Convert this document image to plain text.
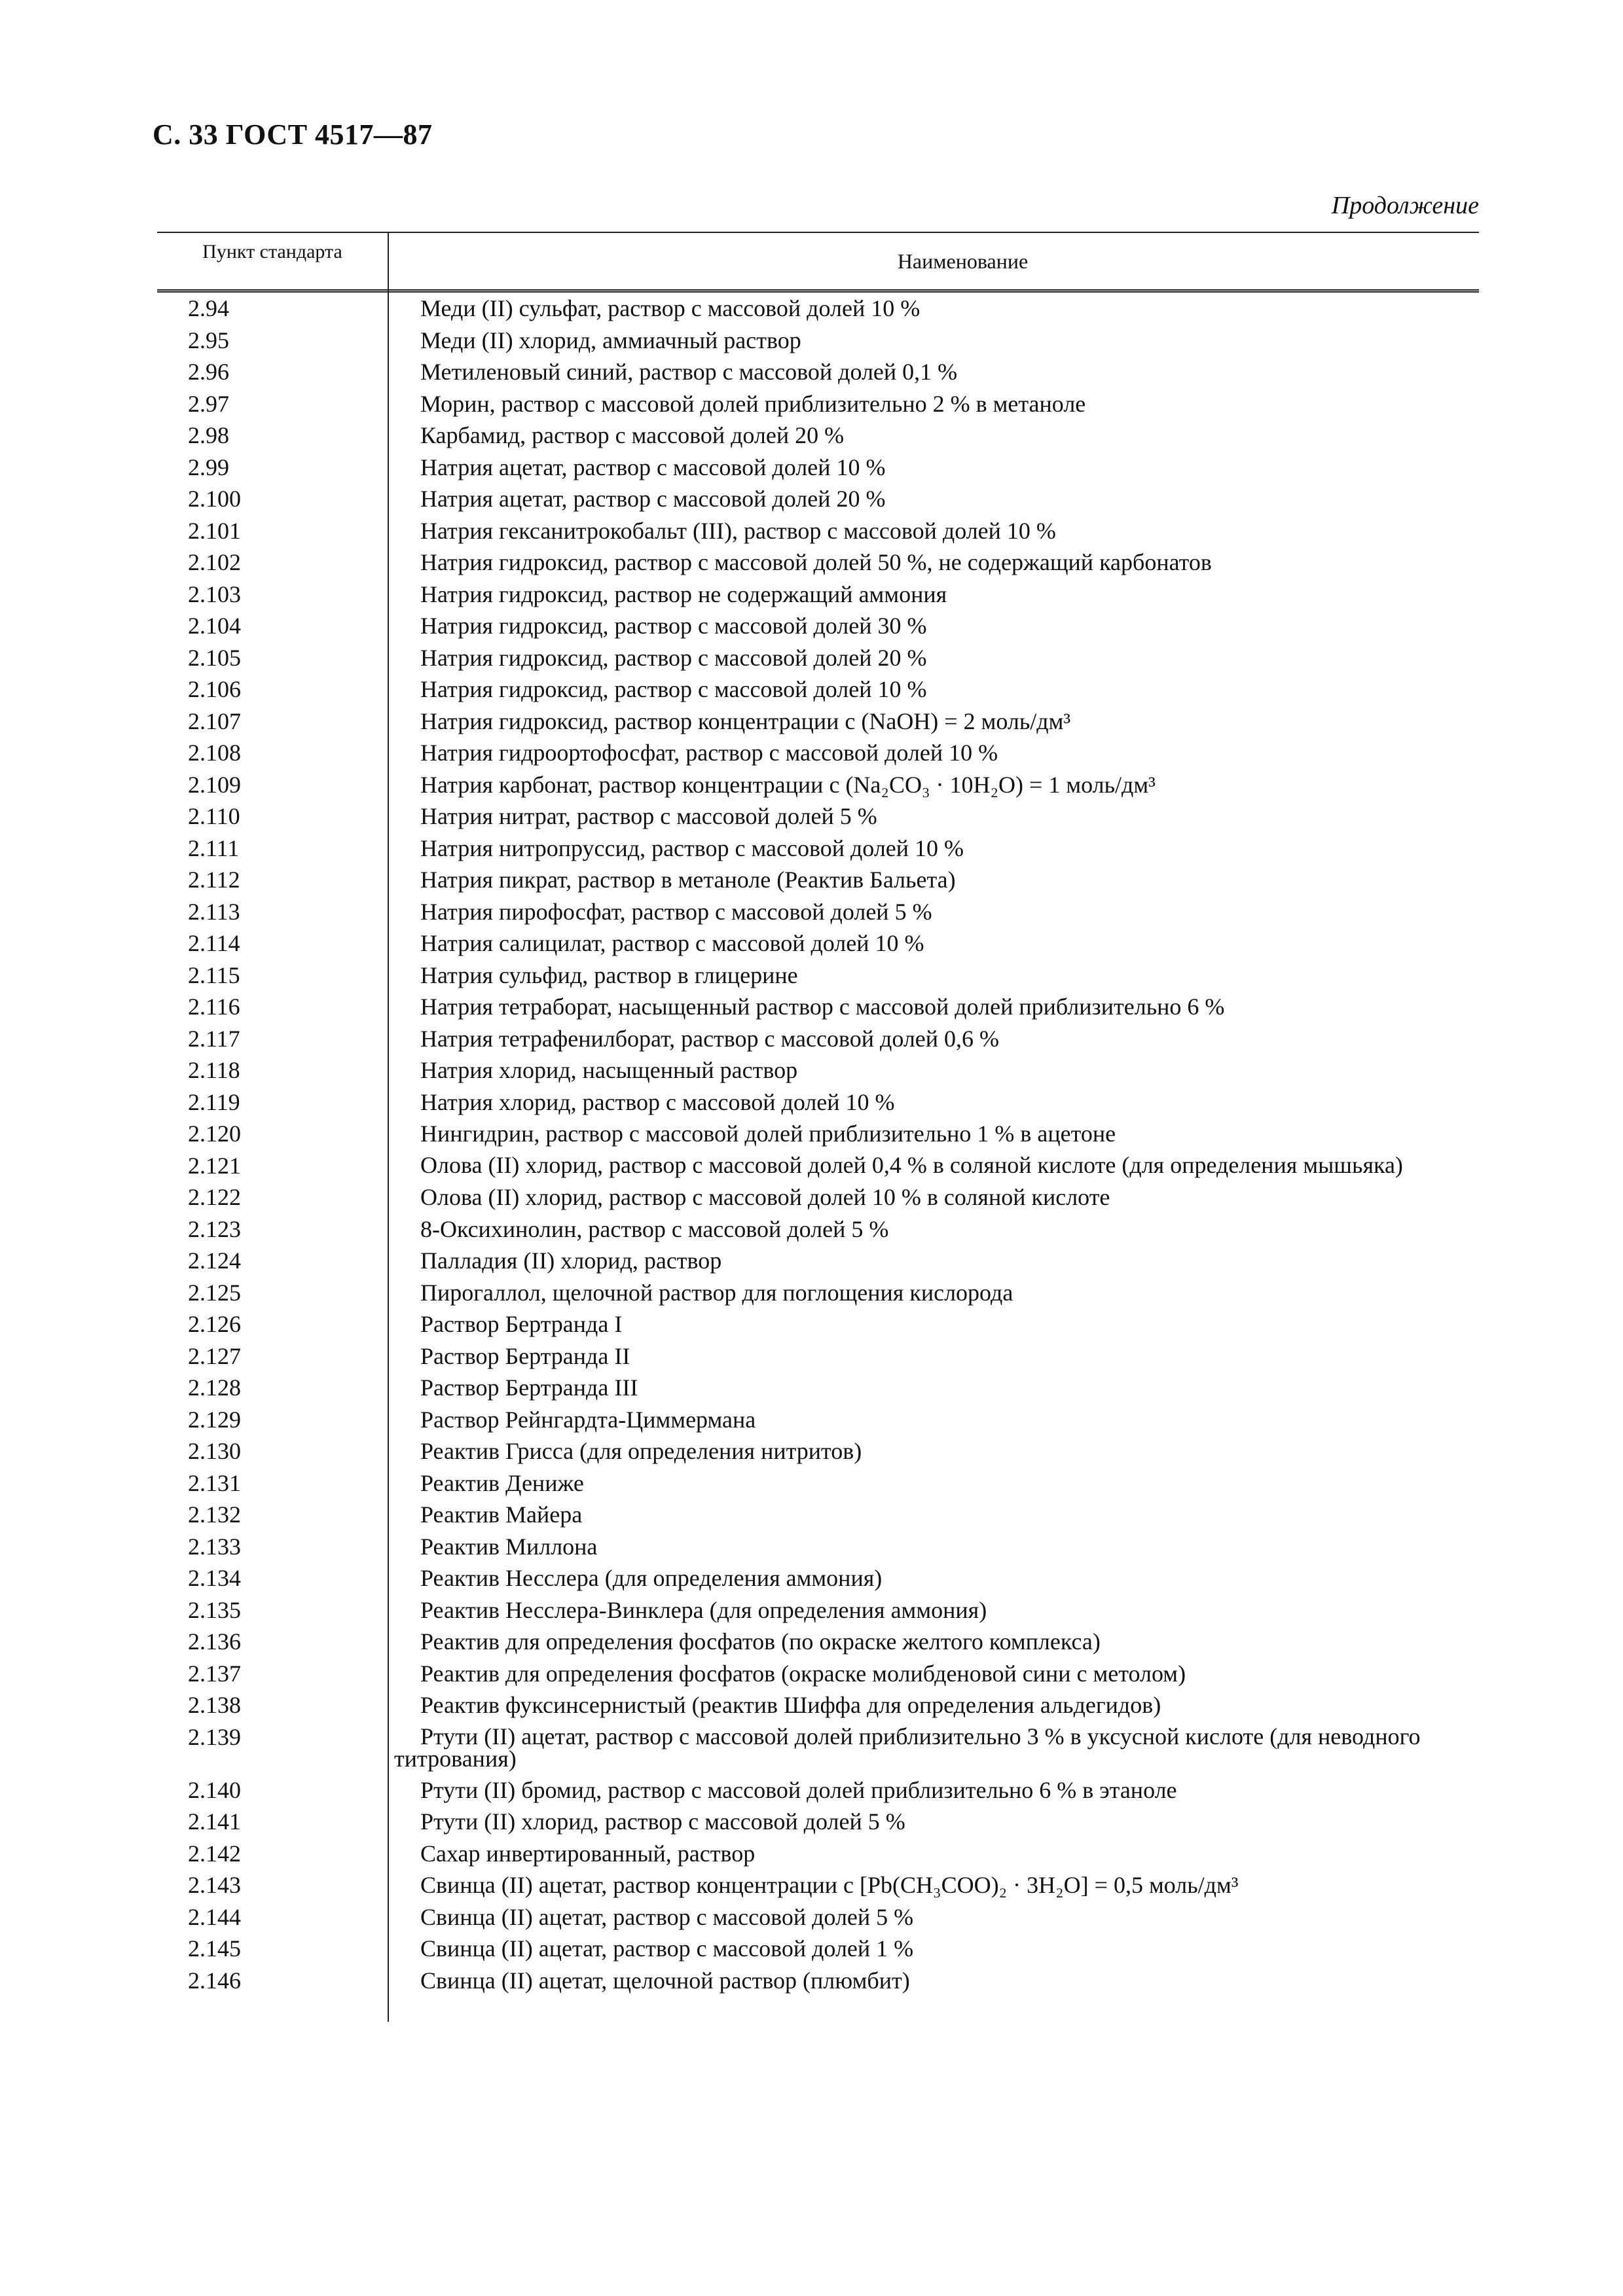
С. 33 ГОСТ 4517—87
Продолжение
Пункт стандарта	Наименование
2.94	Меди (II) сульфат, раствор с массовой долей 10 %
2.95	Меди (II) хлорид, аммиачный раствор
2.96	Метиленовый синий, раствор с массовой долей 0,1 %
2.97	Морин, раствор с массовой долей приблизительно 2 % в метаноле
2.98	Карбамид, раствор с массовой долей 20 %
2.99	Натрия ацетат, раствор с массовой долей 10 %
2.100	Натрия ацетат, раствор с массовой долей 20 %
2.101	Натрия гексанитрокобальт (III), раствор с массовой долей 10 %
2.102	Натрия гидроксид, раствор с массовой долей 50 %, не содержащий карбонатов
2.103	Натрия гидроксид, раствор не содержащий аммония
2.104	Натрия гидроксид, раствор с массовой долей 30 %
2.105	Натрия гидроксид, раствор с массовой долей 20 %
2.106	Натрия гидроксид, раствор с массовой долей 10 %
2.107	Натрия гидроксид, раствор концентрации c (NaOH) = 2 моль/дм³
2.108	Натрия гидроортофосфат, раствор с массовой долей 10 %
2.109	Натрия карбонат, раствор концентрации c (Na₂CO₃ · 10H₂O) = 1 моль/дм³
2.110	Натрия нитрат, раствор с массовой долей 5 %
2.111	Натрия нитропруссид, раствор с массовой долей 10 %
2.112	Натрия пикрат, раствор в метаноле (Реактив Бальета)
2.113	Натрия пирофосфат, раствор с массовой долей 5 %
2.114	Натрия салицилат, раствор с массовой долей 10 %
2.115	Натрия сульфид, раствор в глицерине
2.116	Натрия тетраборат, насыщенный раствор с массовой долей приблизительно 6 %
2.117	Натрия тетрафенилборат, раствор с массовой долей 0,6 %
2.118	Натрия хлорид, насыщенный раствор
2.119	Натрия хлорид, раствор с массовой долей 10 %
2.120	Нингидрин, раствор с массовой долей приблизительно 1 % в ацетоне
2.121	Олова (II) хлорид, раствор с массовой долей 0,4 % в соляной кислоте (для определения мышьяка)
2.122	Олова (II) хлорид, раствор с массовой долей 10 % в соляной кислоте
2.123	8-Оксихинолин, раствор с массовой долей 5 %
2.124	Палладия (II) хлорид, раствор
2.125	Пирогаллол, щелочной раствор для поглощения кислорода
2.126	Раствор Бертранда I
2.127	Раствор Бертранда II
2.128	Раствор Бертранда III
2.129	Раствор Рейнгардта-Циммермана
2.130	Реактив Грисса (для определения нитритов)
2.131	Реактив Дениже
2.132	Реактив Майера
2.133	Реактив Миллона
2.134	Реактив Несслера (для определения аммония)
2.135	Реактив Несслера-Винклера (для определения аммония)
2.136	Реактив для определения фосфатов (по окраске желтого комплекса)
2.137	Реактив для определения фосфатов (окраске молибденовой сини с метолом)
2.138	Реактив фуксинсернистый (реактив Шиффа для определения альдегидов)
2.139	Ртути (II) ацетат, раствор с массовой долей приблизительно 3 % в уксусной кислоте (для неводного титрования)
2.140	Ртути (II) бромид, раствор с массовой долей приблизительно 6 % в этаноле
2.141	Ртути (II) хлорид, раствор с массовой долей 5 %
2.142	Сахар инвертированный, раствор
2.143	Свинца (II) ацетат, раствор концентрации c [Pb(CH₃COO)₂ · 3H₂O] = 0,5 моль/дм³
2.144	Свинца (II) ацетат, раствор с массовой долей 5 %
2.145	Свинца (II) ацетат, раствор с массовой долей 1 %
2.146	Свинца (II) ацетат, щелочной раствор (плюмбит)
